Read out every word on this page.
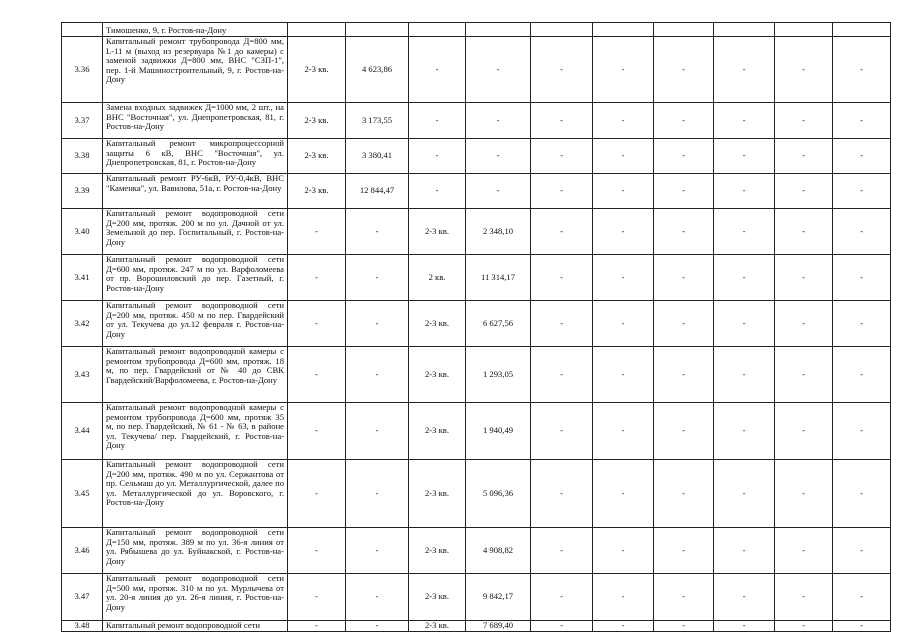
	Тимошенко, 9, г. Ростов-на-Дону										
3.36	Капитальный ремонт трубопровода Д=800 мм, L-11 м (выход из резервуара №1 до камеры) с заменой задвижки Д=800 мм, ВНС "СЗП-1", пер. 1-й Машиностроительный, 9, г. Ростов-на-Дону	2-3 кв.	4 623,86	-	-	-	-	-	-	-	-
3.37	Замена входных задвижек Д=1000 мм, 2 шт., на ВНС "Восточная", ул. Днепропетровская, 81, г. Ростов-на-Дону	2-3 кв.	3 173,55	-	-	-	-	-	-	-	-
3.38	Капитальный ремонт микропроцессорной защиты 6 кВ, ВНС "Восточная", ул. Днепропетровская, 81, г. Ростов-на-Дону	2-3 кв.	3 380,41	-	-	-	-	-	-	-	-
3.39	Капитальный ремонт РУ-6кВ, РУ-0,4кВ, ВНС "Каменка", ул. Вавилова, 51а, г. Ростов-на-Дону	2-3 кв.	12 844,47	-	-	-	-	-	-	-	-
3.40	Капитальный ремонт водопроводной сети Д=200 мм, протяж. 200 м по ул. Дачной от ул. Земельной до пер. Госпитальный, г. Ростов-на-Дону	-	-	2-3 кв.	2 348,10	-	-	-	-	-	-
3.41	Капитальный ремонт водопроводной сети Д=600 мм, протяж. 247 м по ул. Варфоломеева от пр. Ворошиловский до пер. Газетный, г. Ростов-на-Дону	-	-	2 кв.	11 314,17	-	-	-	-	-	-
3.42	Капитальный ремонт водопроводной сети Д=200 мм, протяж. 450 м по пер. Гвардейский от ул. Текучева до ул.12 февраля г. Ростов-на-Дону	-	-	2-3 кв.	6 627,56	-	-	-	-	-	-
3.43	Капитальный ремонт водопроводной камеры с ремонтом трубопровода Д=600 мм, протяж. 18 м, по пер. Гвардейский от № 40 до СВК Гвардейский/Варфоломеева, г. Ростов-на-Дону	-	-	2-3 кв.	1 293,05	-	-	-	-	-	-
3.44	Капитальный ремонт водопроводной камеры с ремонтом трубопровода Д=600 мм, протяж 35 м, по пер. Гвардейский, № 61 - № 63, в районе ул. Текучева/ пер. Гвардейский, г. Ростов-на-Дону	-	-	2-3 кв.	1 940,49	-	-	-	-	-	-
3.45	Капитальный ремонт водопроводной сети Д=200 мм, протяж. 490 м по ул. Сержантова от пр. Сельмаш до ул. Металлургической, далее по ул. Металлургической до ул. Воровского, г. Ростов-на-Дону	-	-	2-3 кв.	5 096,36	-	-	-	-	-	-
3.46	Капитальный ремонт водопроводной сети Д=150 мм, протяж. 389 м по ул. 36-я линия от ул. Рябышева до ул. Буйнакской, г. Ростов-на-Дону	-	-	2-3 кв.	4 908,82	-	-	-	-	-	-
3.47	Капитальный ремонт водопроводной сети Д=500 мм, протяж. 310 м по ул. Мурлычева от ул. 20-я линия до ул. 26-я линия, г. Ростов-на-Дону	-	-	2-3 кв.	9 842,17	-	-	-	-	-	-
3.48	Капитальный ремонт водопроводной сети	-	-	2-3 кв.	7 689,40	-	-	-	-	-	-
